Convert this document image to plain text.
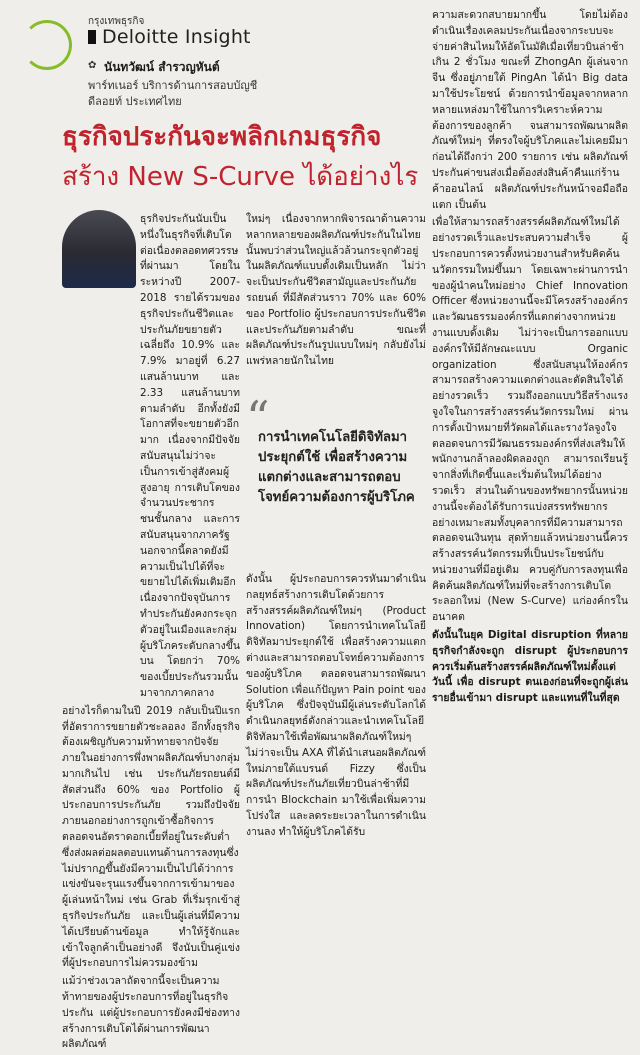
กรุงเทพธุรกิจ
Deloitte Insight
✿ นันทวัฒน์ สำรวญหันต์
พาร์ทเนอร์ บริการด้านการสอบบัญชี
ดีลอยท์ ประเทศไทย
ธุรกิจประกันจะพลิกเกมธุรกิจ
สร้าง New S-Curve ได้อย่างไร

ธุรกิจประกันนับเป็นหนึ่งในธุรกิจที่เติบโตต่อเนื่องตลอดทศวรรษที่ผ่านมา โดยในระหว่างปี 2007-2018 รายได้รวมของธุรกิจประกันชีวิตและประกันภัยขยายตัวเฉลี่ยถึง 10.9% และ 7.9% มาอยู่ที่ 6.27 แสนล้านบาท และ 2.33 แสนล้านบาทตามลำดับ อีกทั้งยังมีโอกาสที่จะขยายตัวอีกมาก เนื่องจากมีปัจจัยสนับสนุนไม่ว่าจะเป็นการเข้าสู่สังคมผู้สูงอายุ การเติบโตของจำนวนประชากรชนชั้นกลาง และการสนับสนุนจากภาครัฐ นอกจากนี้ตลาดยังมีความเป็นไปได้ที่จะขยายไปได้เพิ่มเติมอีก เนื่องจากปัจจุบันการทำประกันยังคงกระจุกตัวอยู่ในเมืองและกลุ่มผู้บริโภคระดับกลางขึ้นบน โดยกว่า 70% ของเบี้ยประกันรวมนั้นมาจากภาคกลาง

อย่างไรก็ตามในปี 2019 กลับเป็นปีแรกที่อัตราการขยายตัวชะลอลง อีกทั้งธุรกิจต้องเผชิญกับความท้าทายจากปัจจัยภายในอย่างการพึ่งพาผลิตภัณฑ์บางกลุ่มมากเกินไป เช่น ประกันภัยรถยนต์มีสัดส่วนถึง 60% ของ Portfolio ผู้ประกอบการประกันภัย รวมถึงปัจจัยภายนอกอย่างการถูกเข้าซื้อกิจการ ตลอดจนอัตราดอกเบี้ยที่อยู่ในระดับต่ำ ซึ่งส่งผลต่อผลตอบแทนด้านการลงทุนซึ่งไม่ปรากฏขึ้นยังมีความเป็นไปได้ว่าการแข่งขันจะรุนแรงขึ้นจากการเข้ามาของผู้เล่นหน้าใหม่ เช่น Grab ที่เริ่มรุกเข้าสู่ธุรกิจประกันภัย และเป็นผู้เล่นที่มีความได้เปรียบด้านข้อมูล ทำให้รู้จักและเข้าใจลูกค้าเป็นอย่างดี จึงนับเป็นคู่แข่งที่ผู้ประกอบการไม่ควรมองข้าม

แม้ว่าช่วงเวลาถัดจากนี้จะเป็นความท้าทายของผู้ประกอบการที่อยู่ในธุรกิจประกัน แต่ผู้ประกอบการยังคงมีช่องทางสร้างการเติบโตได้ผ่านการพัฒนาผลิตภัณฑ์

ใหม่ๆ เนื่องจากหากพิจารณาด้านความหลากหลายของผลิตภัณฑ์ประกันในไทยนั้นพบว่าส่วนใหญ่แล้วล้วนกระจุกตัวอยู่ในผลิตภัณฑ์แบบดั้งเดิมเป็นหลัก ไม่ว่าจะเป็นประกันชีวิตสามัญและประกันภัยรถยนต์ ที่มีสัดส่วนราว 70% และ 60% ของ Portfolio ผู้ประกอบการประกันชีวิตและประกันภัยตามลำดับ ขณะที่ผลิตภัณฑ์ประกันรูปแบบใหม่ๆ กลับยังไม่แพร่หลายนักในไทย

“
การนำเทคโนโลยีดิจิทัลมาประยุกต์ใช้ เพื่อสร้างความแตกต่างและสามารถตอบโจทย์ความต้องการผู้บริโภค

ดังนั้น ผู้ประกอบการควรหันมาดำเนินกลยุทธ์สร้างการเติบโตด้วยการสร้างสรรค์ผลิตภัณฑ์ใหม่ๆ (Product Innovation) โดยการนำเทคโนโลยีดิจิทัลมาประยุกต์ใช้ เพื่อสร้างความแตกต่างและสามารถตอบโจทย์ความต้องการของผู้บริโภค ตลอดจนสามารถพัฒนา Solution เพื่อแก้ปัญหา Pain point ของผู้บริโภค ซึ่งปัจจุบันมีผู้เล่นระดับโลกได้ดำเนินกลยุทธ์ดังกล่าวและนำเทคโนโลยีดิจิทัลมาใช้เพื่อพัฒนาผลิตภัณฑ์ใหม่ๆ ไม่ว่าจะเป็น AXA ที่ได้นำเสนอผลิตภัณฑ์ใหม่ภายใต้แบรนด์ Fizzy ซึ่งเป็นผลิตภัณฑ์ประกันภัยเที่ยวบินล่าช้าที่มีการนำ Blockchain มาใช้เพื่อเพิ่มความโปร่งใส และลดระยะเวลาในการดำเนินงานลง ทำให้ผู้บริโภคได้รับ

ความสะดวกสบายมากขึ้น โดยไม่ต้องดำเนินเรื่องเคลมประกันเนื่องจากระบบจะจ่ายค่าสินไหมให้อัตโนมัติเมื่อเที่ยวบินล่าช้าเกิน 2 ชั่วโมง ขณะที่ ZhongAn ผู้เล่นจากจีน ซึ่งอยู่ภายใต้ PingAn ได้นำ Big data มาใช้ประโยชน์ ด้วยการนำข้อมูลจากหลากหลายแหล่งมาใช้ในการวิเคราะห์ความต้องการของลูกค้า จนสามารถพัฒนาผลิตภัณฑ์ใหม่ๆ ที่ตรงใจผู้บริโภคและไม่เคยมีมาก่อนได้ถึงกว่า 200 รายการ เช่น ผลิตภัณฑ์ประกันค่าขนส่งเมื่อต้องส่งสินค้าคืนแก่ร้านค้าออนไลน์ ผลิตภัณฑ์ประกันหน้าจอมือถือแตก เป็นต้น

เพื่อให้สามารถสร้างสรรค์ผลิตภัณฑ์ใหม่ได้อย่างรวดเร็วและประสบความสำเร็จ ผู้ประกอบการควรตั้งหน่วยงานสำหรับคิดค้นนวัตกรรมใหม่ขึ้นมา โดยเฉพาะผ่านการนำของผู้นำคนใหม่อย่าง Chief Innovation Officer ซึ่งหน่วยงานนี้จะมีโครงสร้างองค์กรและวัฒนธรรมองค์กรที่แตกต่างจากหน่วยงานแบบดั้งเดิม ไม่ว่าจะเป็นการออกแบบองค์กรให้มีลักษณะแบบ Organic organization ซึ่งสนับสนุนให้องค์กรสามารถสร้างความแตกต่างและตัดสินใจได้อย่างรวดเร็ว รวมถึงออกแบบวิธีสร้างแรงจูงใจในการสร้างสรรค์นวัตกรรมใหม่ ผ่านการตั้งเป้าหมายที่วัดผลได้และรางวัลจูงใจ ตลอดจนการมีวัฒนธรรมองค์กรที่ส่งเสริมให้พนักงานกล้าลองผิดลองถูก สามารถเรียนรู้จากสิ่งที่เกิดขึ้นและเริ่มต้นใหม่ได้อย่างรวดเร็ว ส่วนในด้านของทรัพยากรนั้นหน่วยงานนี้จะต้องได้รับการแบ่งสรรทรัพยากรอย่างเหมาะสมทั้งบุคลากรที่มีความสามารถตลอดจนเงินทุน สุดท้ายแล้วหน่วยงานนี้ควรสร้างสรรค์นวัตกรรมที่เป็นประโยชน์กับหน่วยงานที่มีอยู่เดิม ควบคู่กับการลงทุนเพื่อคิดค้นผลิตภัณฑ์ใหม่ที่จะสร้างการเติบโตระลอกใหม่ (New S-Curve) แก่องค์กรในอนาคต

ดังนั้นในยุค Digital disruption ที่หลายธุรกิจกำลังจะถูก disrupt ผู้ประกอบการควรเริ่มต้นสร้างสรรค์ผลิตภัณฑ์ใหม่ตั้งแต่วันนี้ เพื่อ disrupt ตนเองก่อนที่จะถูกผู้เล่นรายอื่นเข้ามา disrupt และแทนที่ในที่สุด
